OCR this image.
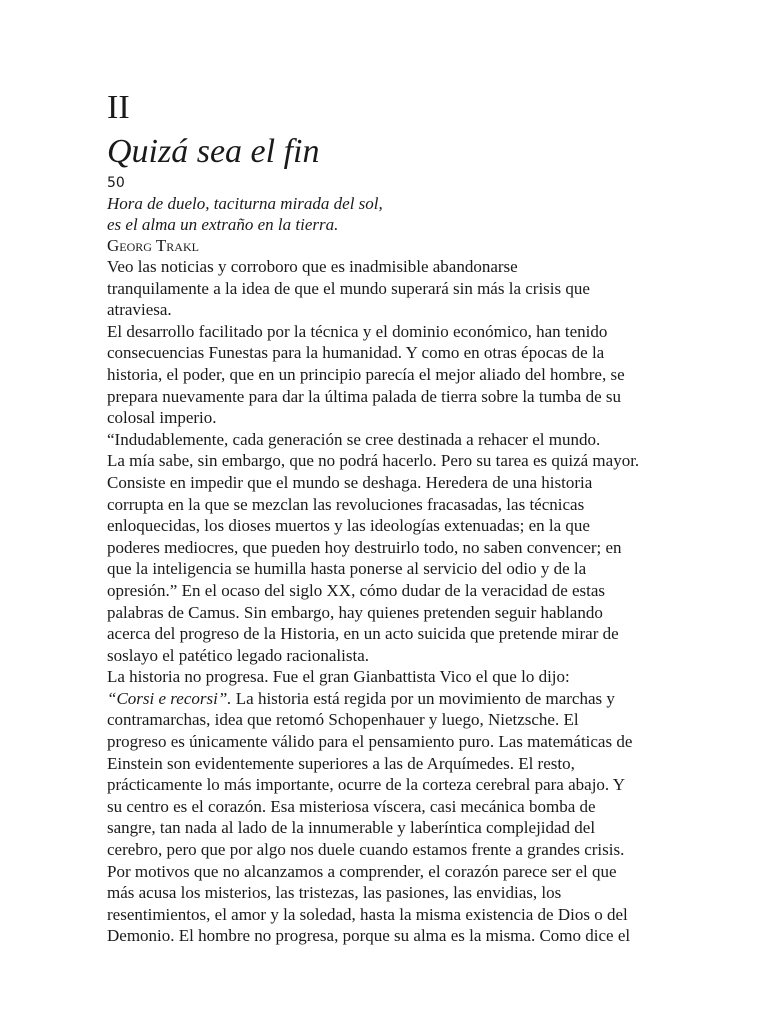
II
Quizá sea el fin
50
Hora de duelo, taciturna mirada del sol,
es el alma un extraño en la tierra.
Georg Trakl

Veo las noticias y corroboro que es inadmisible abandonarse
tranquilamente a la idea de que el mundo superará sin más la crisis que
atraviesa.

El desarrollo facilitado por la técnica y el dominio económico, han tenido
consecuencias Funestas para la humanidad. Y como en otras épocas de la
historia, el poder, que en un principio parecía el mejor aliado del hombre, se
prepara nuevamente para dar la última palada de tierra sobre la tumba de su
colosal imperio.

“Indudablemente, cada generación se cree destinada a rehacer el mundo.
La mía sabe, sin embargo, que no podrá hacerlo. Pero su tarea es quizá mayor.
Consiste en impedir que el mundo se deshaga. Heredera de una historia
corrupta en la que se mezclan las revoluciones fracasadas, las técnicas
enloquecidas, los dioses muertos y las ideologías extenuadas; en la que
poderes mediocres, que pueden hoy destruirlo todo, no saben convencer; en
que la inteligencia se humilla hasta ponerse al servicio del odio y de la
opresión.” En el ocaso del siglo XX, cómo dudar de la veracidad de estas
palabras de Camus. Sin embargo, hay quienes pretenden seguir hablando
acerca del progreso de la Historia, en un acto suicida que pretende mirar de
soslayo el patético legado racionalista.

La historia no progresa. Fue el gran Gianbattista Vico el que lo dijo:

“Corsi e recorsi”. La historia está regida por un movimiento de marchas y
contramarchas, idea que retomó Schopenhauer y luego, Nietzsche. El
progreso es únicamente válido para el pensamiento puro. Las matemáticas de
Einstein son evidentemente superiores a las de Arquímedes. El resto,
prácticamente lo más importante, ocurre de la corteza cerebral para abajo. Y
su centro es el corazón. Esa misteriosa víscera, casi mecánica bomba de
sangre, tan nada al lado de la innumerable y laberíntica complejidad del
cerebro, pero que por algo nos duele cuando estamos frente a grandes crisis.
Por motivos que no alcanzamos a comprender, el corazón parece ser el que
más acusa los misterios, las tristezas, las pasiones, las envidias, los
resentimientos, el amor y la soledad, hasta la misma existencia de Dios o del
Demonio. El hombre no progresa, porque su alma es la misma. Como dice el
